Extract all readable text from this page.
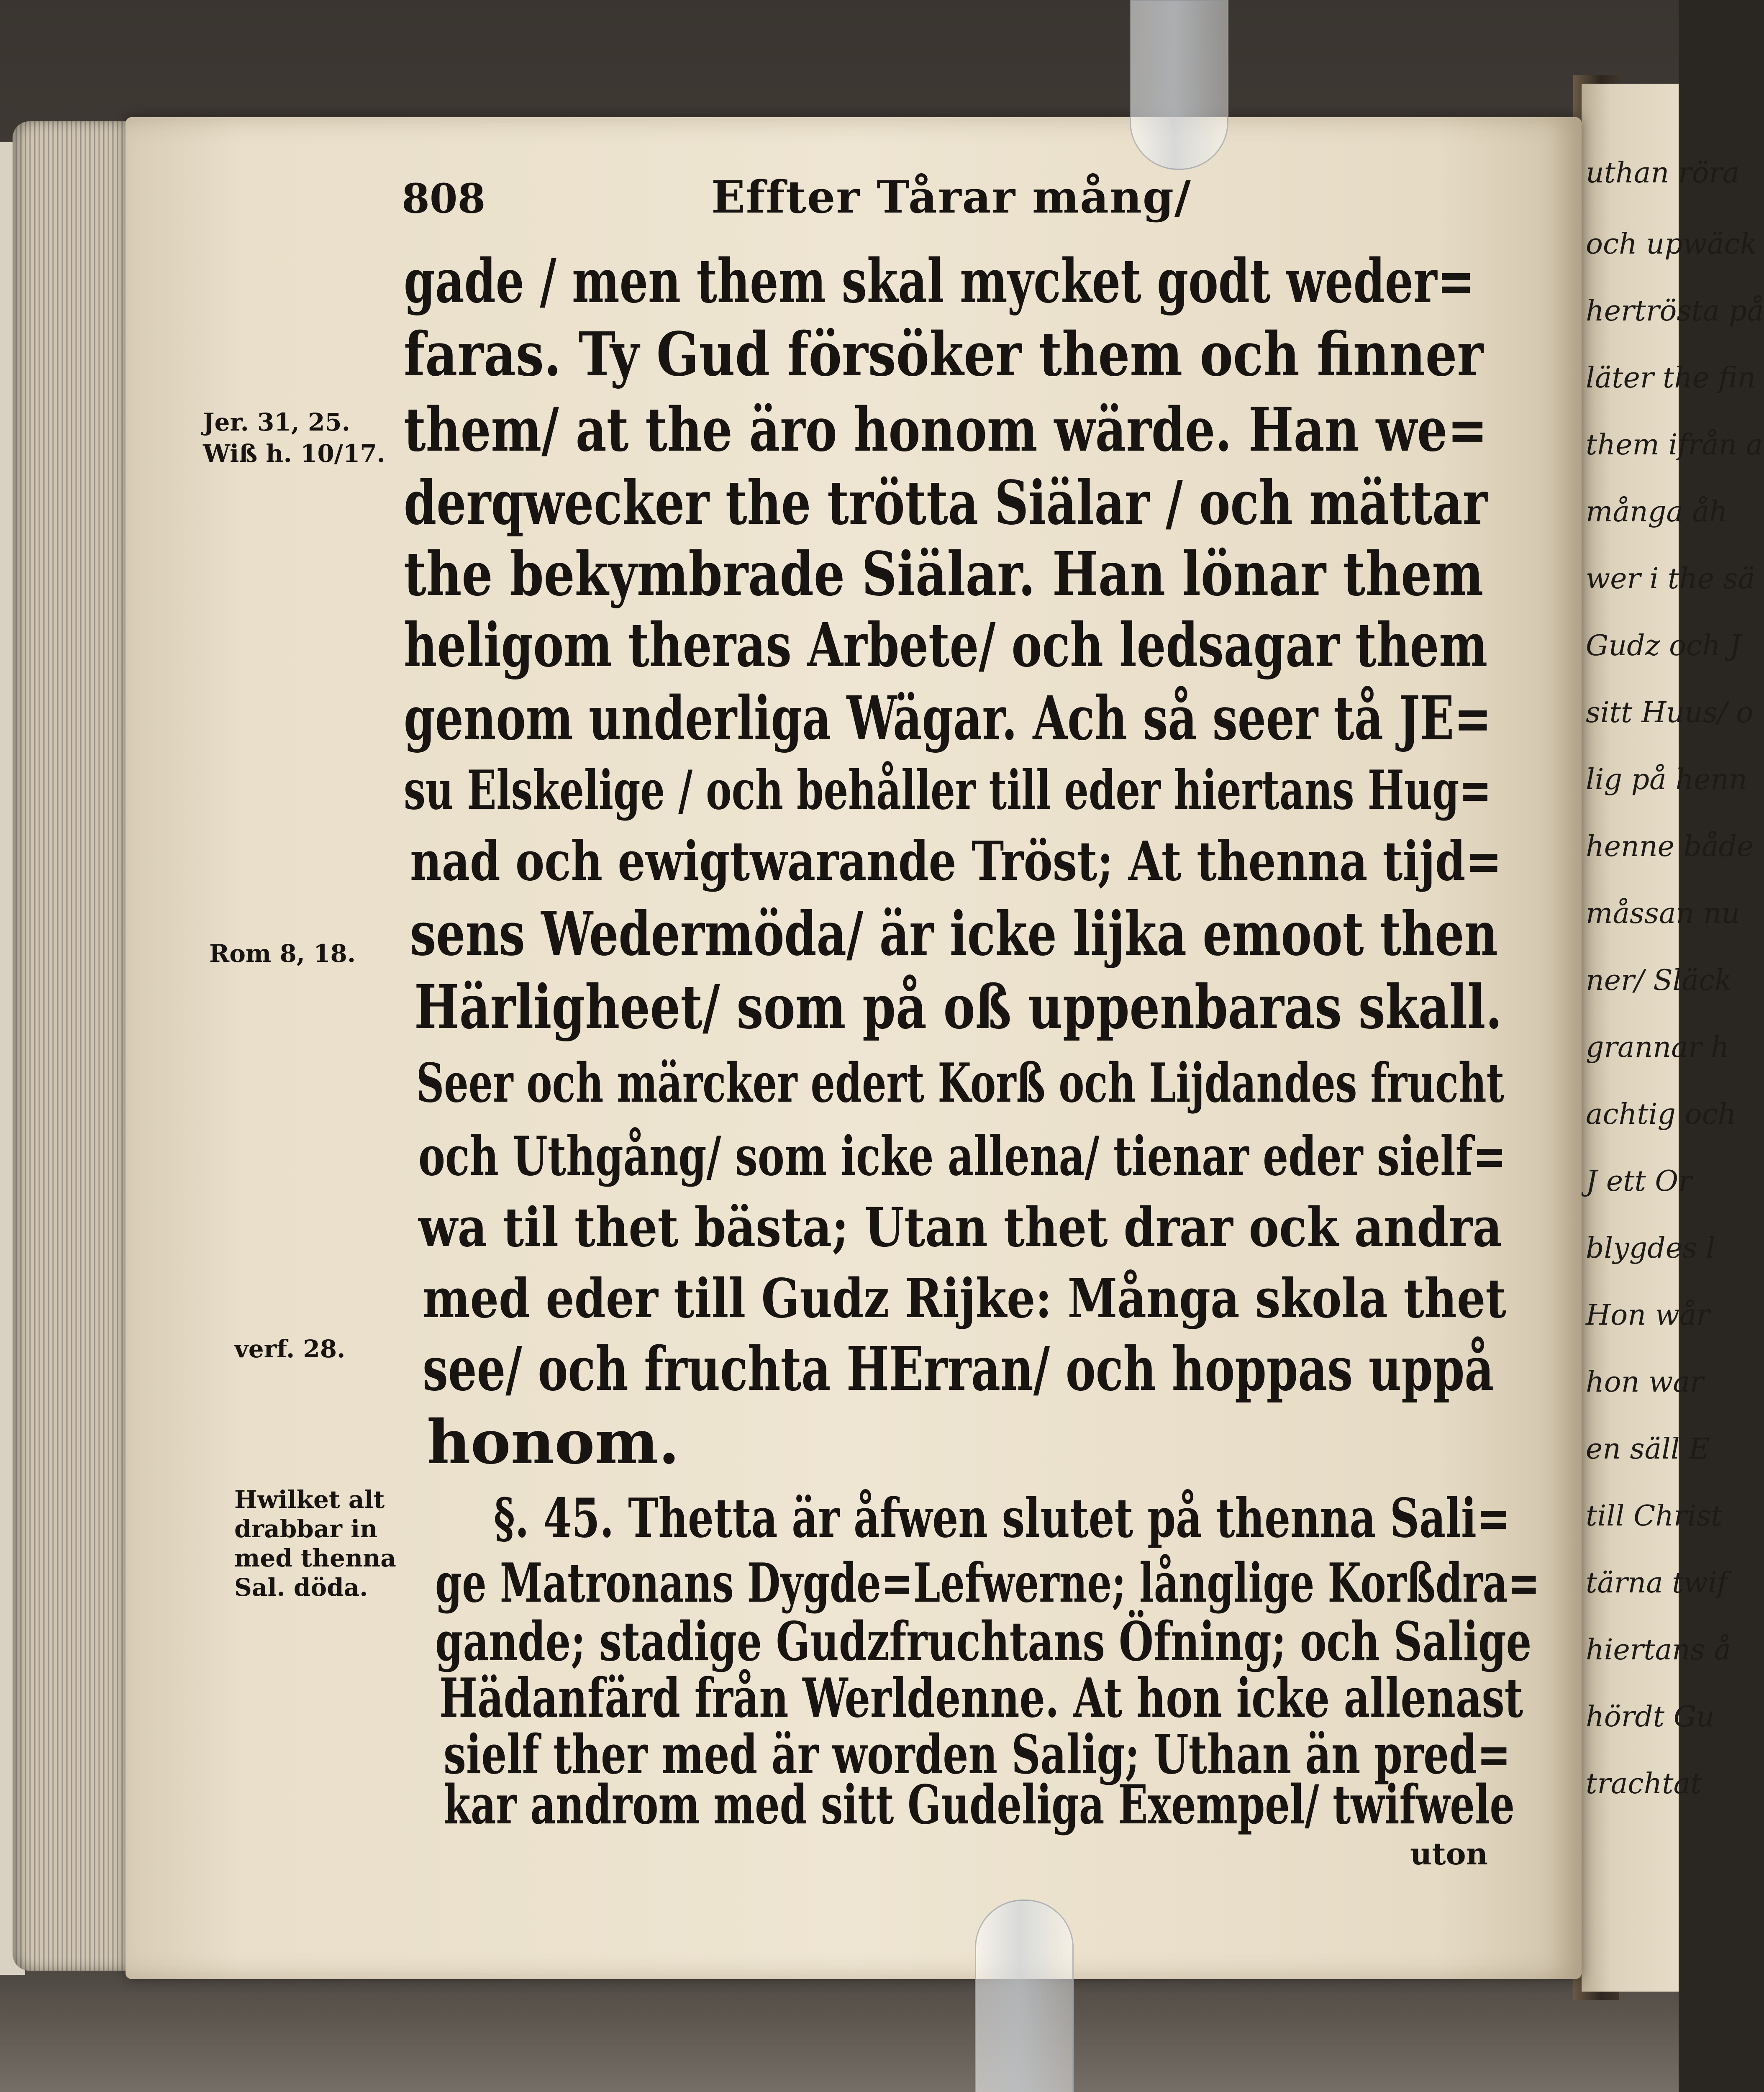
uthan röra
och upwäck
hertrösta på
läter the fin
them ifrån a
många åh
wer i the sä
Gudz och J
sitt Huus/ o
lig på henn
henne både
måssan nu
ner/ Släck
grannar h
achtig och
J ett Or
blygdes l
Hon wår
hon war
en säll E
till Christ
tärna twif
hiertans å
hördt Gu
trachtat
808	Effter Tårar mång/
Jer. 31, 25.
Wiß h. 10/17.
Rom 8, 18.
verf. 28.
Hwilket alt
drabbar in
med thenna
Sal. döda.
gade / men them skal mycket godt weder=
faras. Ty Gud försöker them och finner
them/ at the äro honom wärde. Han we=
derqwecker the trötta Siälar / och mättar
the bekymbrade Siälar. Han lönar them
heligom theras Arbete/ och ledsagar them
genom underliga Wägar. Ach så seer tå JE=
su Elskelige / och behåller till eder hiertans Hug=
nad och ewigtwarande Tröst; At thenna tijd=
sens Wedermöda/ är icke lijka emoot then
Härligheet/ som på oß uppenbaras skall.
Seer och märcker edert Korß och Lijdandes frucht
och Uthgång/ som icke allena/ tienar eder sielf=
wa til thet bästa; Utan thet drar ock andra
med eder till Gudz Rijke: Många skola thet
see/ och fruchta HErran/ och hoppas uppå
honom.
§. 45. Thetta är åfwen slutet på thenna Sali=
ge Matronans Dygde=Lefwerne; långlige Korßdra=
gande; stadige Gudzfruchtans Öfning; och Salige
Hädanfärd från Werldenne. At hon icke allenast
sielf ther med är worden Salig; Uthan än pred=
kar androm med sitt Gudeliga Exempel/ twifwele
uton
